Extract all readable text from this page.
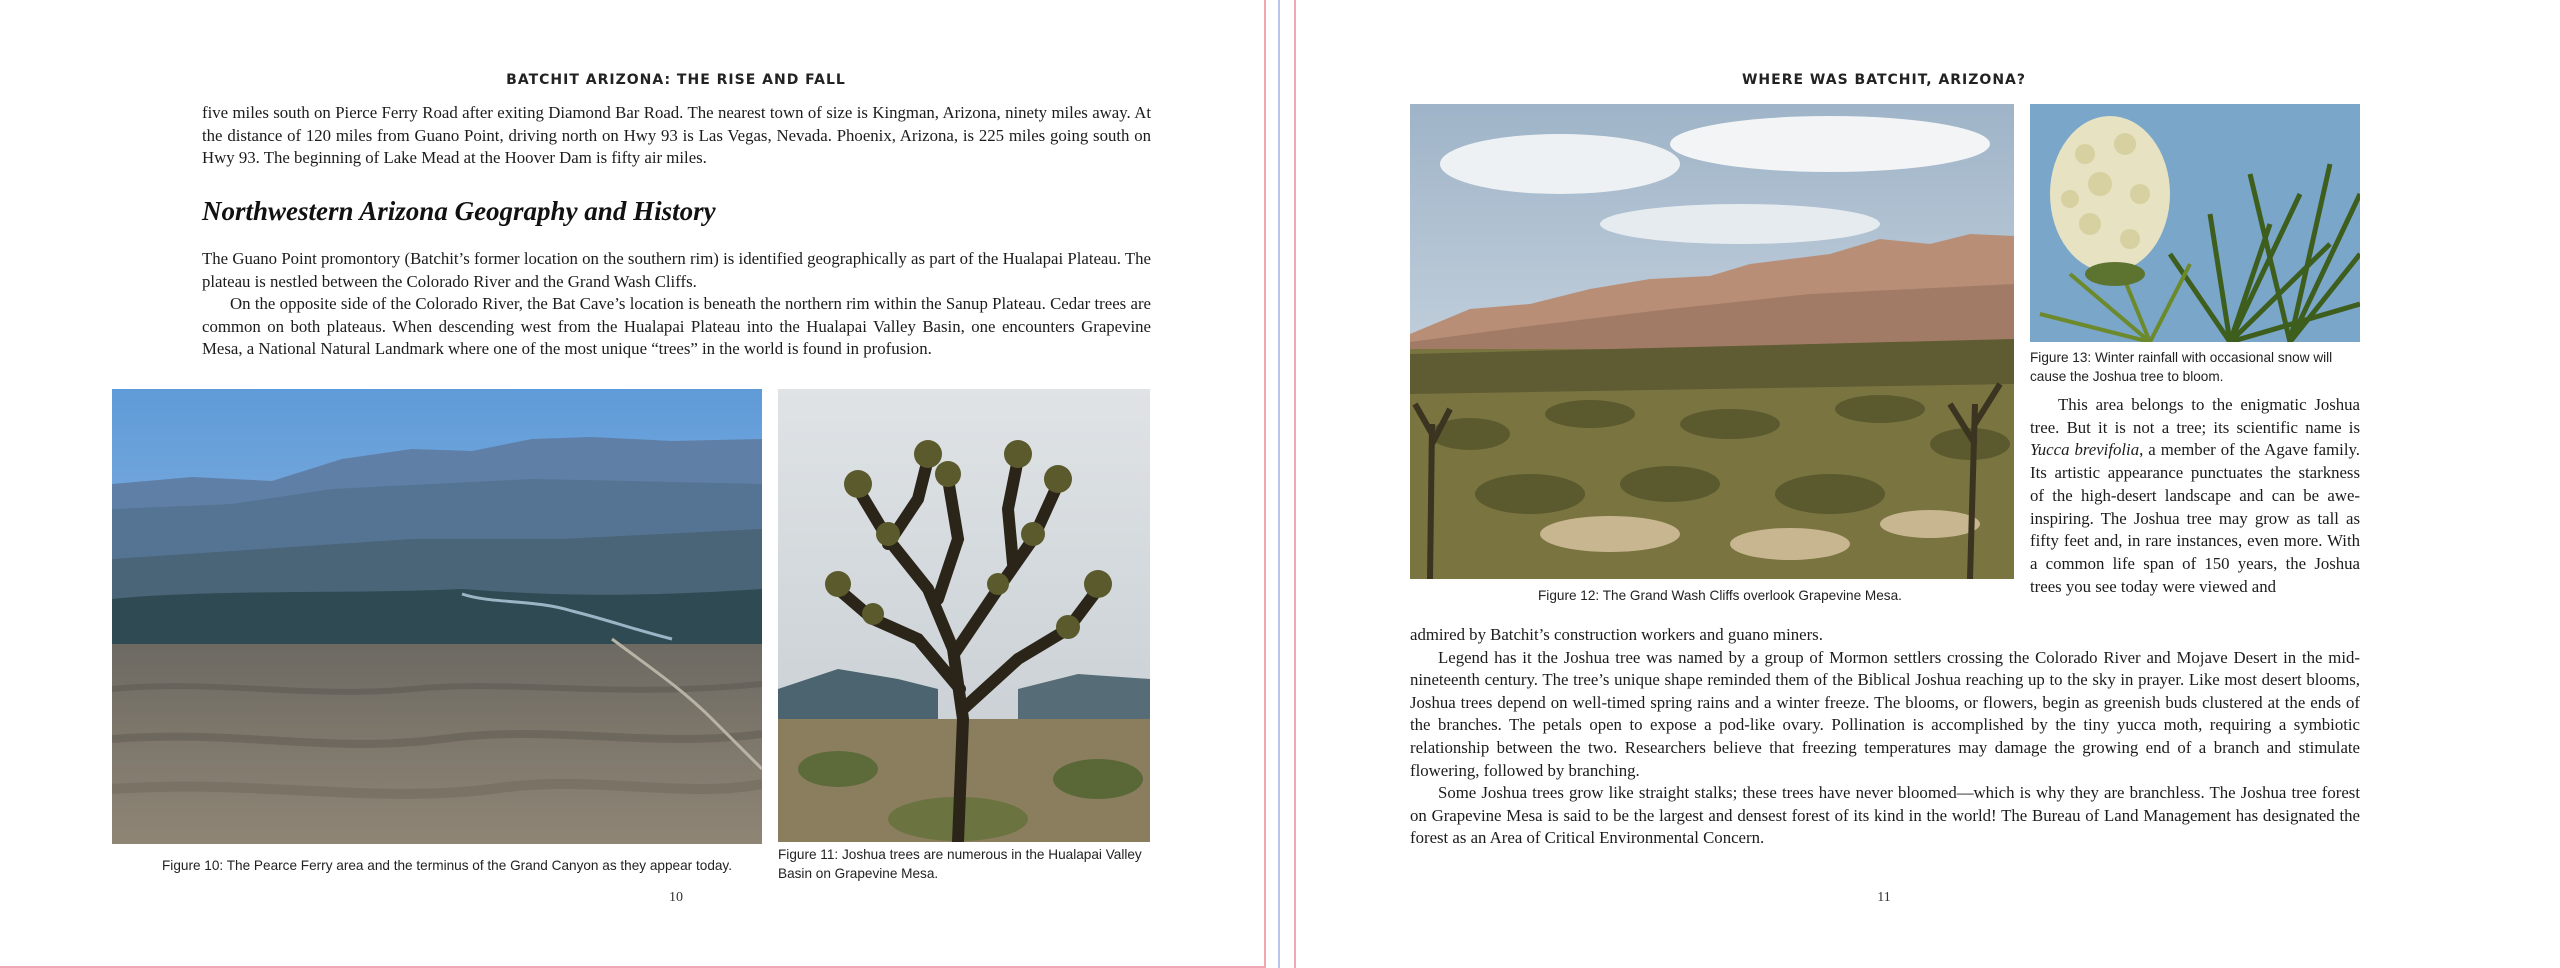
BATCHIT ARIZONA: THE RISE AND FALL

five miles south on Pierce Ferry Road after exiting Diamond Bar Road. The nearest town of size is Kingman, Arizona, ninety miles away. At the distance of 120 miles from Guano Point, driving north on Hwy 93 is Las Vegas, Nevada. Phoenix, Arizona, is 225 miles going south on Hwy 93. The beginning of Lake Mead at the Hoover Dam is fifty air miles.

Northwestern Arizona Geography and History

The Guano Point promontory (Batchit’s former location on the southern rim) is identified geographically as part of the Hualapai Plateau. The plateau is nestled between the Colorado River and the Grand Wash Cliffs.

On the opposite side of the Colorado River, the Bat Cave’s location is beneath the northern rim within the Sanup Plateau. Cedar trees are common on both plateaus. When descending west from the Hualapai Plateau into the Hualapai Valley Basin, one encounters Grapevine Mesa, a National Natural Landmark where one of the most unique “trees” in the world is found in profusion.

Figure 10: The Pearce Ferry area and the terminus of the Grand Canyon as they appear today.
Figure 11: Joshua trees are numerous in the Hualapai Valley Basin on Grapevine Mesa.
10
WHERE WAS BATCHIT, ARIZONA?
Figure 12: The Grand Wash Cliffs overlook Grapevine Mesa.
Figure 13: Winter rainfall with occasional snow will cause the Joshua tree to bloom.

This area belongs to the enigmatic Joshua tree. But it is not a tree; its scientific name is Yucca brevifolia, a member of the Agave family. Its artistic appearance punctuates the starkness of the high-desert landscape and can be awe-inspiring. The Joshua tree may grow as tall as fifty feet and, in rare instances, even more. With a common life span of 150 years, the Joshua trees you see today were viewed and

admired by Batchit’s construction workers and guano miners.

Legend has it the Joshua tree was named by a group of Mormon settlers crossing the Colorado River and Mojave Desert in the mid-nineteenth century. The tree’s unique shape reminded them of the Biblical Joshua reaching up to the sky in prayer. Like most desert blooms, Joshua trees depend on well-timed spring rains and a winter freeze. The blooms, or flowers, begin as greenish buds clustered at the ends of the branches. The petals open to expose a pod-like ovary. Pollination is accomplished by the tiny yucca moth, requiring a symbiotic relationship between the two. Researchers believe that freezing temperatures may damage the growing end of a branch and stimulate flowering, followed by branching.

Some Joshua trees grow like straight stalks; these trees have never bloomed—which is why they are branchless. The Joshua tree forest on Grapevine Mesa is said to be the largest and densest forest of its kind in the world! The Bureau of Land Management has designated the forest as an Area of Critical Environmental Concern.

11
